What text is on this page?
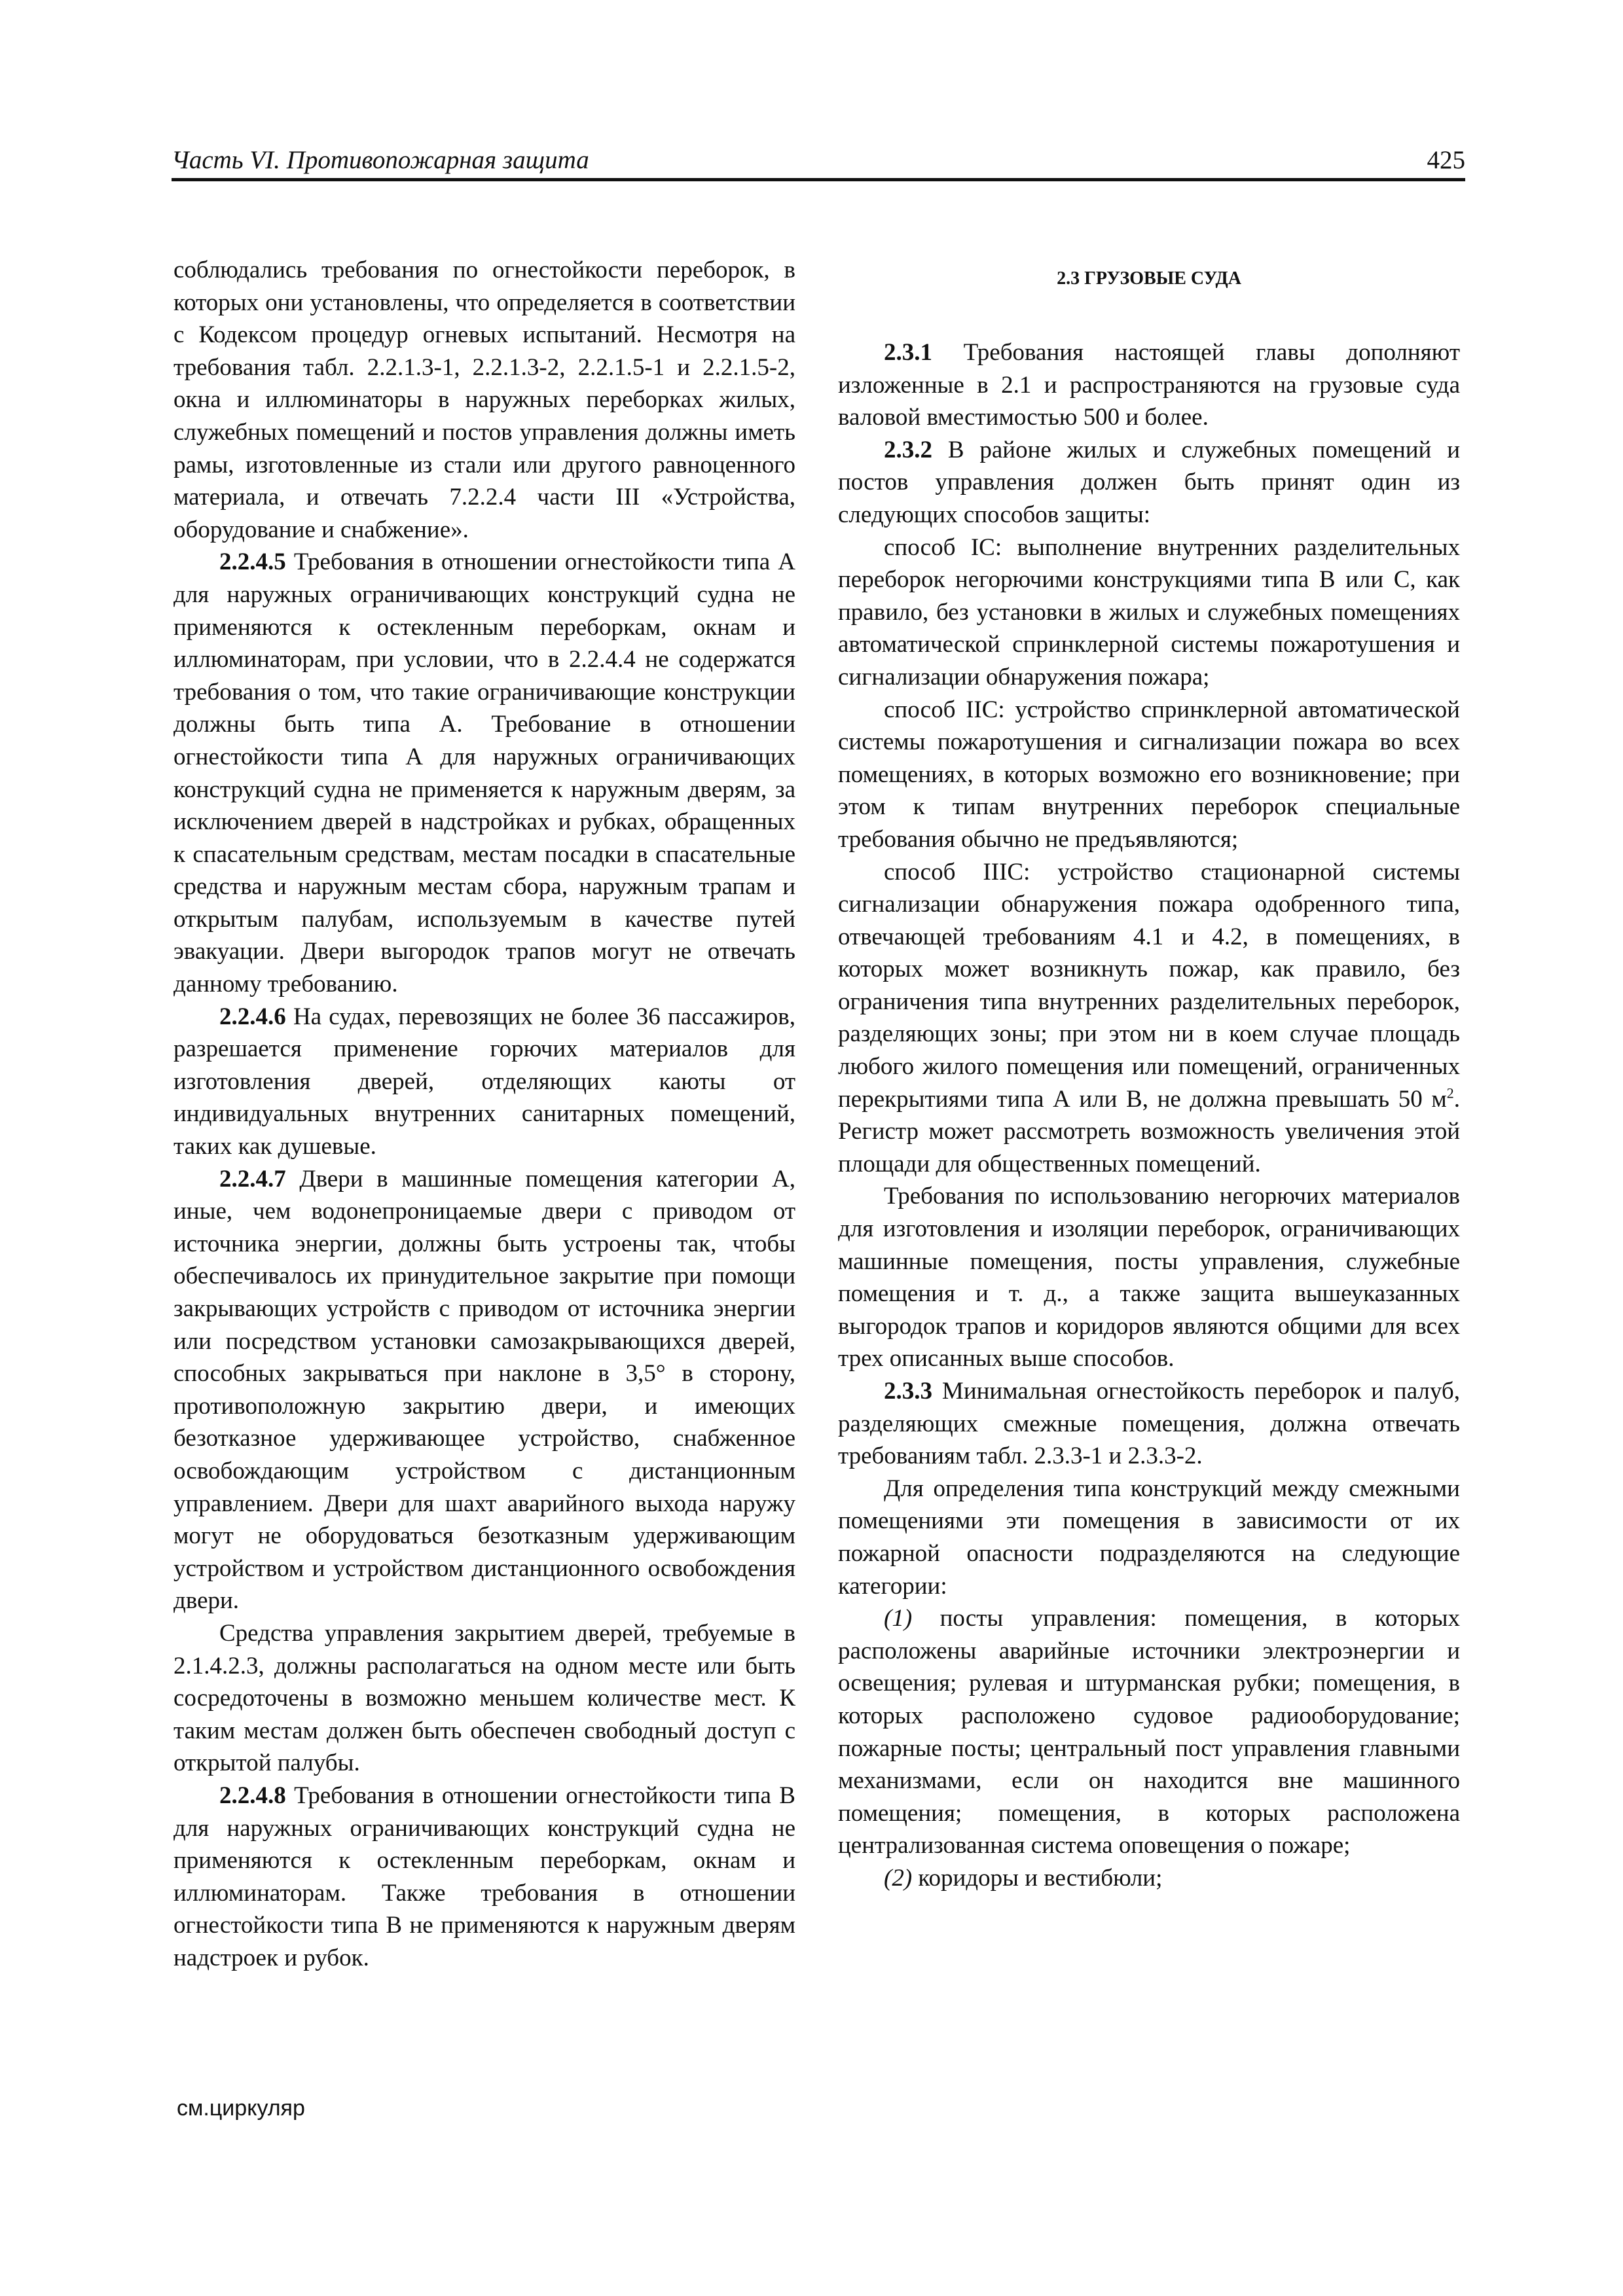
Часть VI. Противопожарная защита	425

соблюдались требования по огнестойкости переборок, в которых они установлены, что определяется в соответствии с Кодексом процедур огневых испытаний. Несмотря на требования табл. 2.2.1.3-1, 2.2.1.3-2, 2.2.1.5-1 и 2.2.1.5-2, окна и иллюминаторы в наружных переборках жилых, служебных помещений и постов управления должны иметь рамы, изготовленные из стали или другого равноценного материала, и отвечать 7.2.2.4 части III «Устройства, оборудование и снабжение».

2.2.4.5 Требования в отношении огнестойкости типа А для наружных ограничивающих конструкций судна не применяются к остекленным переборкам, окнам и иллюминаторам, при условии, что в 2.2.4.4 не содержатся требования о том, что такие ограничивающие конструкции должны быть типа А. Требование в отношении огнестойкости типа А для наружных ограничивающих конструкций судна не применяется к наружным дверям, за исключением дверей в надстройках и рубках, обращенных к спасательным средствам, местам посадки в спасательные средства и наружным местам сбора, наружным трапам и открытым палубам, используемым в качестве путей эвакуации. Двери выгородок трапов могут не отвечать данному требованию.

2.2.4.6 На судах, перевозящих не более 36 пассажиров, разрешается применение горючих материалов для изготовления дверей, отделяющих каюты от индивидуальных внутренних санитарных помещений, таких как душевые.

2.2.4.7 Двери в машинные помещения категории А, иные, чем водонепроницаемые двери с приводом от источника энергии, должны быть устроены так, чтобы обеспечивалось их принудительное закрытие при помощи закрывающих устройств с приводом от источника энергии или посредством установки самозакрывающихся дверей, способных закрываться при наклоне в 3,5° в сторону, противоположную закрытию двери, и имеющих безотказное удерживающее устройство, снабженное освобождающим устройством с дистанционным управлением. Двери для шахт аварийного выхода наружу могут не оборудоваться безотказным удерживающим устройством и устройством дистанционного освобождения двери.

Средства управления закрытием дверей, требуемые в 2.1.4.2.3, должны располагаться на одном месте или быть сосредоточены в возможно меньшем количестве мест. К таким местам должен быть обеспечен свободный доступ с открытой палубы.

2.2.4.8 Требования в отношении огнестойкости типа В для наружных ограничивающих конструкций судна не применяются к остекленным переборкам, окнам и иллюминаторам. Также требования в отношении огнестойкости типа В не применяются к наружным дверям надстроек и рубок.

см.циркуляр

2.3 ГРУЗОВЫЕ СУДА

2.3.1 Требования настоящей главы дополняют изложенные в 2.1 и распространяются на грузовые суда валовой вместимостью 500 и более.

2.3.2 В районе жилых и служебных помещений и постов управления должен быть принят один из следующих способов защиты:

способ IC: выполнение внутренних разделительных переборок негорючими конструкциями типа В или С, как правило, без установки в жилых и служебных помещениях автоматической спринклерной системы пожаротушения и сигнализации обнаружения пожара;

способ IIC: устройство спринклерной автоматической системы пожаротушения и сигнализации пожара во всех помещениях, в которых возможно его возникновение; при этом к типам внутренних переборок специальные требования обычно не предъявляются;

способ IIIC: устройство стационарной системы сигнализации обнаружения пожара одобренного типа, отвечающей требованиям 4.1 и 4.2, в помещениях, в которых может возникнуть пожар, как правило, без ограничения типа внутренних разделительных переборок, разделяющих зоны; при этом ни в коем случае площадь любого жилого помещения или помещений, ограниченных перекрытиями типа А или В, не должна превышать 50 $м^2$. Регистр может рассмотреть возможность увеличения этой площади для общественных помещений.

Требования по использованию негорючих материалов для изготовления и изоляции переборок, ограничивающих машинные помещения, посты управления, служебные помещения и т. д., а также защита вышеуказанных выгородок трапов и коридоров являются общими для всех трех описанных выше способов.

2.3.3 Минимальная огнестойкость переборок и палуб, разделяющих смежные помещения, должна отвечать требованиям табл. 2.3.3-1 и 2.3.3-2.

Для определения типа конструкций между смежными помещениями эти помещения в зависимости от их пожарной опасности подразделяются на следующие категории:

(1) посты управления: помещения, в которых расположены аварийные источники электроэнергии и освещения; рулевая и штурманская рубки; помещения, в которых расположено судовое радиооборудование; пожарные посты; центральный пост управления главными механизмами, если он находится вне машинного помещения; помещения, в которых расположена централизованная система оповещения о пожаре;

(2) коридоры и вестибюли;
